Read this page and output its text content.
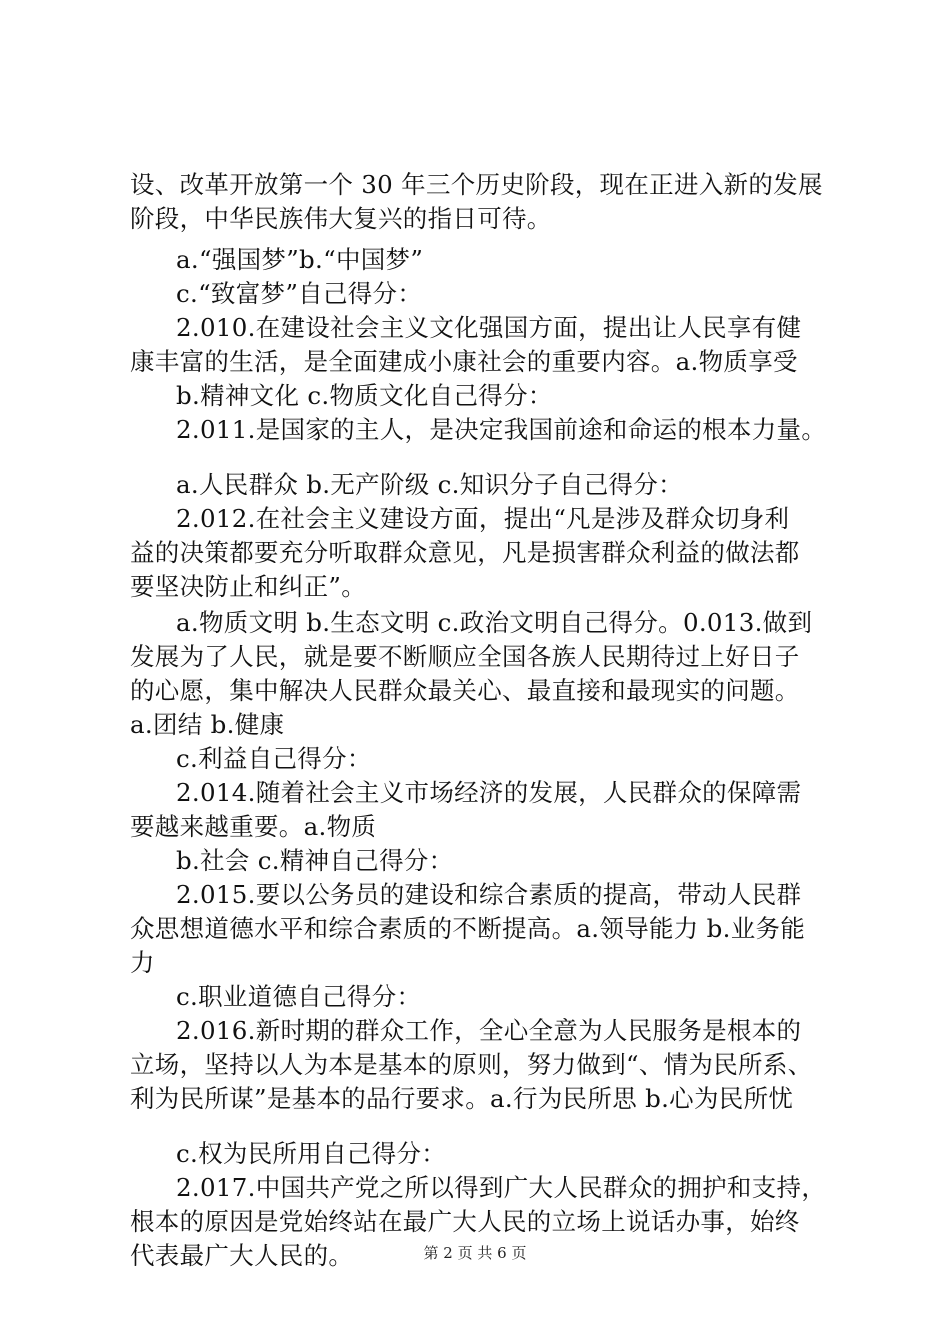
设、改革开放第一个 30 年三个历史阶段，现在正进入新的发展
阶段，中华民族伟大复兴的指日可待。
a.“强国梦”b.“中国梦”
c.“致富梦”自己得分：
2.010.在建设社会主义文化强国方面，提出让人民享有健
康丰富的生活，是全面建成小康社会的重要内容。a.物质享受
b.精神文化 c.物质文化自己得分：
2.011.是国家的主人，是决定我国前途和命运的根本力量。
a.人民群众 b.无产阶级 c.知识分子自己得分：
2.012.在社会主义建设方面，提出“凡是涉及群众切身利
益的决策都要充分听取群众意见，凡是损害群众利益的做法都
要坚决防止和纠正”。
a.物质文明 b.生态文明 c.政治文明自己得分。0.013.做到
发展为了人民，就是要不断顺应全国各族人民期待过上好日子
的心愿，集中解决人民群众最关心、最直接和最现实的问题。
a.团结 b.健康
c.利益自己得分：
2.014.随着社会主义市场经济的发展，人民群众的保障需
要越来越重要。a.物质
b.社会 c.精神自己得分：
2.015.要以公务员的建设和综合素质的提高，带动人民群
众思想道德水平和综合素质的不断提高。a.领导能力 b.业务能
力
c.职业道德自己得分：
2.016.新时期的群众工作，全心全意为人民服务是根本的
立场，坚持以人为本是基本的原则，努力做到“、情为民所系、
利为民所谋”是基本的品行要求。a.行为民所思 b.心为民所忧
c.权为民所用自己得分：
2.017.中国共产党之所以得到广大人民群众的拥护和支持，
根本的原因是党始终站在最广大人民的立场上说话办事，始终
代表最广大人民的。	第 2 页 共 6 页
